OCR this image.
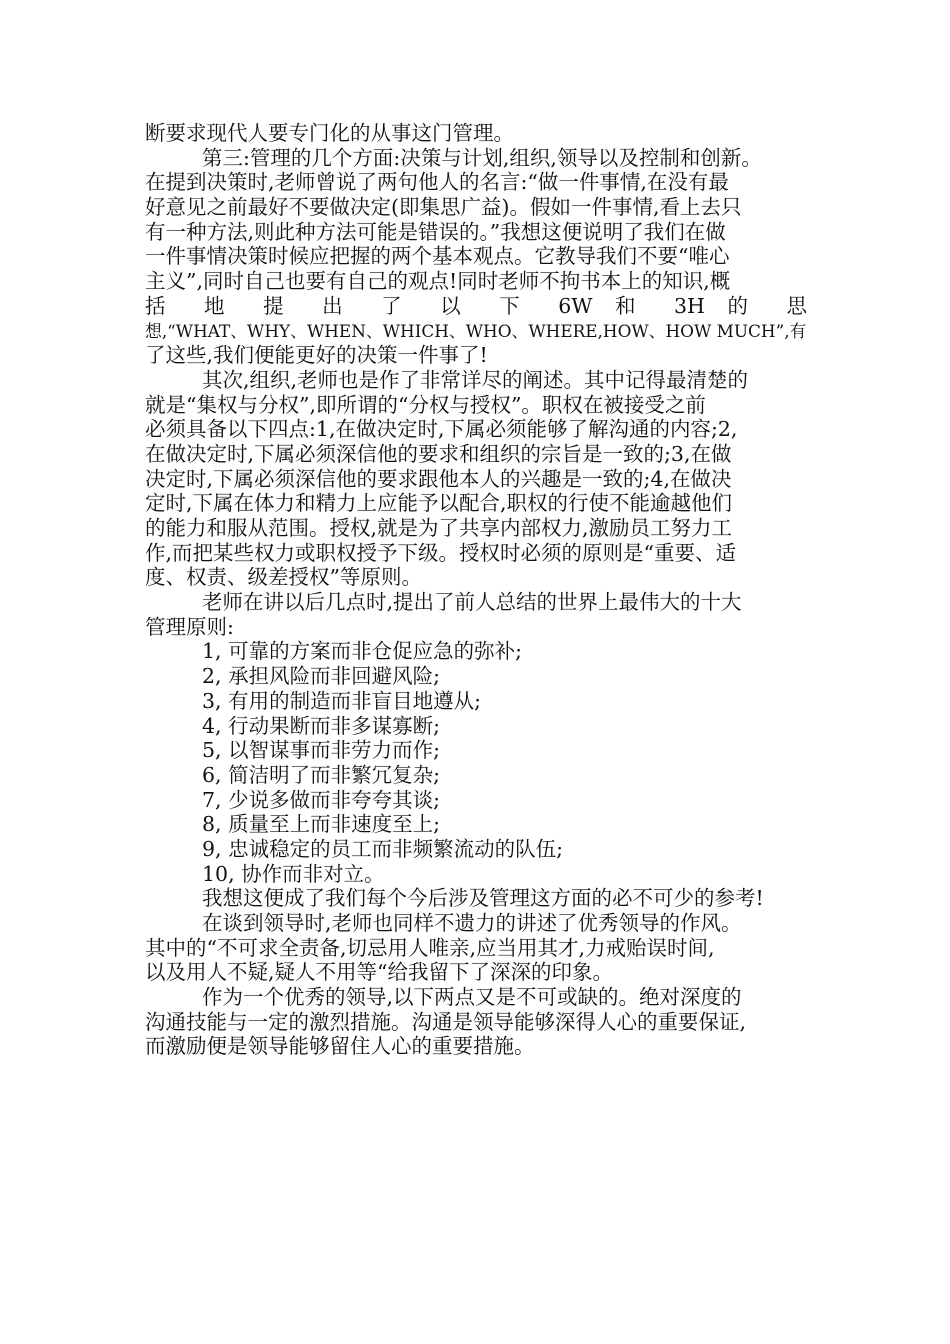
断要求现代人要专门化的从事这门管理。
第三:管理的几个方面:决策与计划,组织,领导以及控制和创新。
在提到决策时,老师曾说了两句他人的名言:“做一件事情,在没有最
好意见之前最好不要做决定(即集思广益)。假如一件事情,看上去只
有一种方法,则此种方法可能是错误的。”我想这便说明了我们在做
一件事情决策时候应把握的两个基本观点。它教导我们不要“唯心
主义”,同时自己也要有自己的观点!同时老师不拘书本上的知识,概
括 地 提 出 了 以 下 6W 和 3H 的 思
想,“WHAT、WHY、WHEN、WHICH、WHO、WHERE,HOW、HOW MUCH”,有
了这些,我们便能更好的决策一件事了!
其次,组织,老师也是作了非常详尽的阐述。其中记得最清楚的
就是“集权与分权”,即所谓的“分权与授权”。职权在被接受之前
必须具备以下四点:1,在做决定时,下属必须能够了解沟通的内容;2,
在做决定时,下属必须深信他的要求和组织的宗旨是一致的;3,在做
决定时,下属必须深信他的要求跟他本人的兴趣是一致的;4,在做决
定时,下属在体力和精力上应能予以配合,职权的行使不能逾越他们
的能力和服从范围。授权,就是为了共享内部权力,激励员工努力工
作,而把某些权力或职权授予下级。授权时必须的原则是“重要、适
度、权责、级差授权”等原则。
老师在讲以后几点时,提出了前人总结的世界上最伟大的十大
管理原则:
1, 可靠的方案而非仓促应急的弥补;
2, 承担风险而非回避风险;
3, 有用的制造而非盲目地遵从;
4, 行动果断而非多谋寡断;
5, 以智谋事而非劳力而作;
6, 简洁明了而非繁冗复杂;
7, 少说多做而非夸夸其谈;
8, 质量至上而非速度至上;
9, 忠诚稳定的员工而非频繁流动的队伍;
10, 协作而非对立。
我想这便成了我们每个今后涉及管理这方面的必不可少的参考!
在谈到领导时,老师也同样不遗力的讲述了优秀领导的作风。
其中的“不可求全责备,切忌用人唯亲,应当用其才,力戒贻误时间,
以及用人不疑,疑人不用等“给我留下了深深的印象。
作为一个优秀的领导,以下两点又是不可或缺的。绝对深度的
沟通技能与一定的激烈措施。沟通是领导能够深得人心的重要保证,
而激励便是领导能够留住人心的重要措施。
